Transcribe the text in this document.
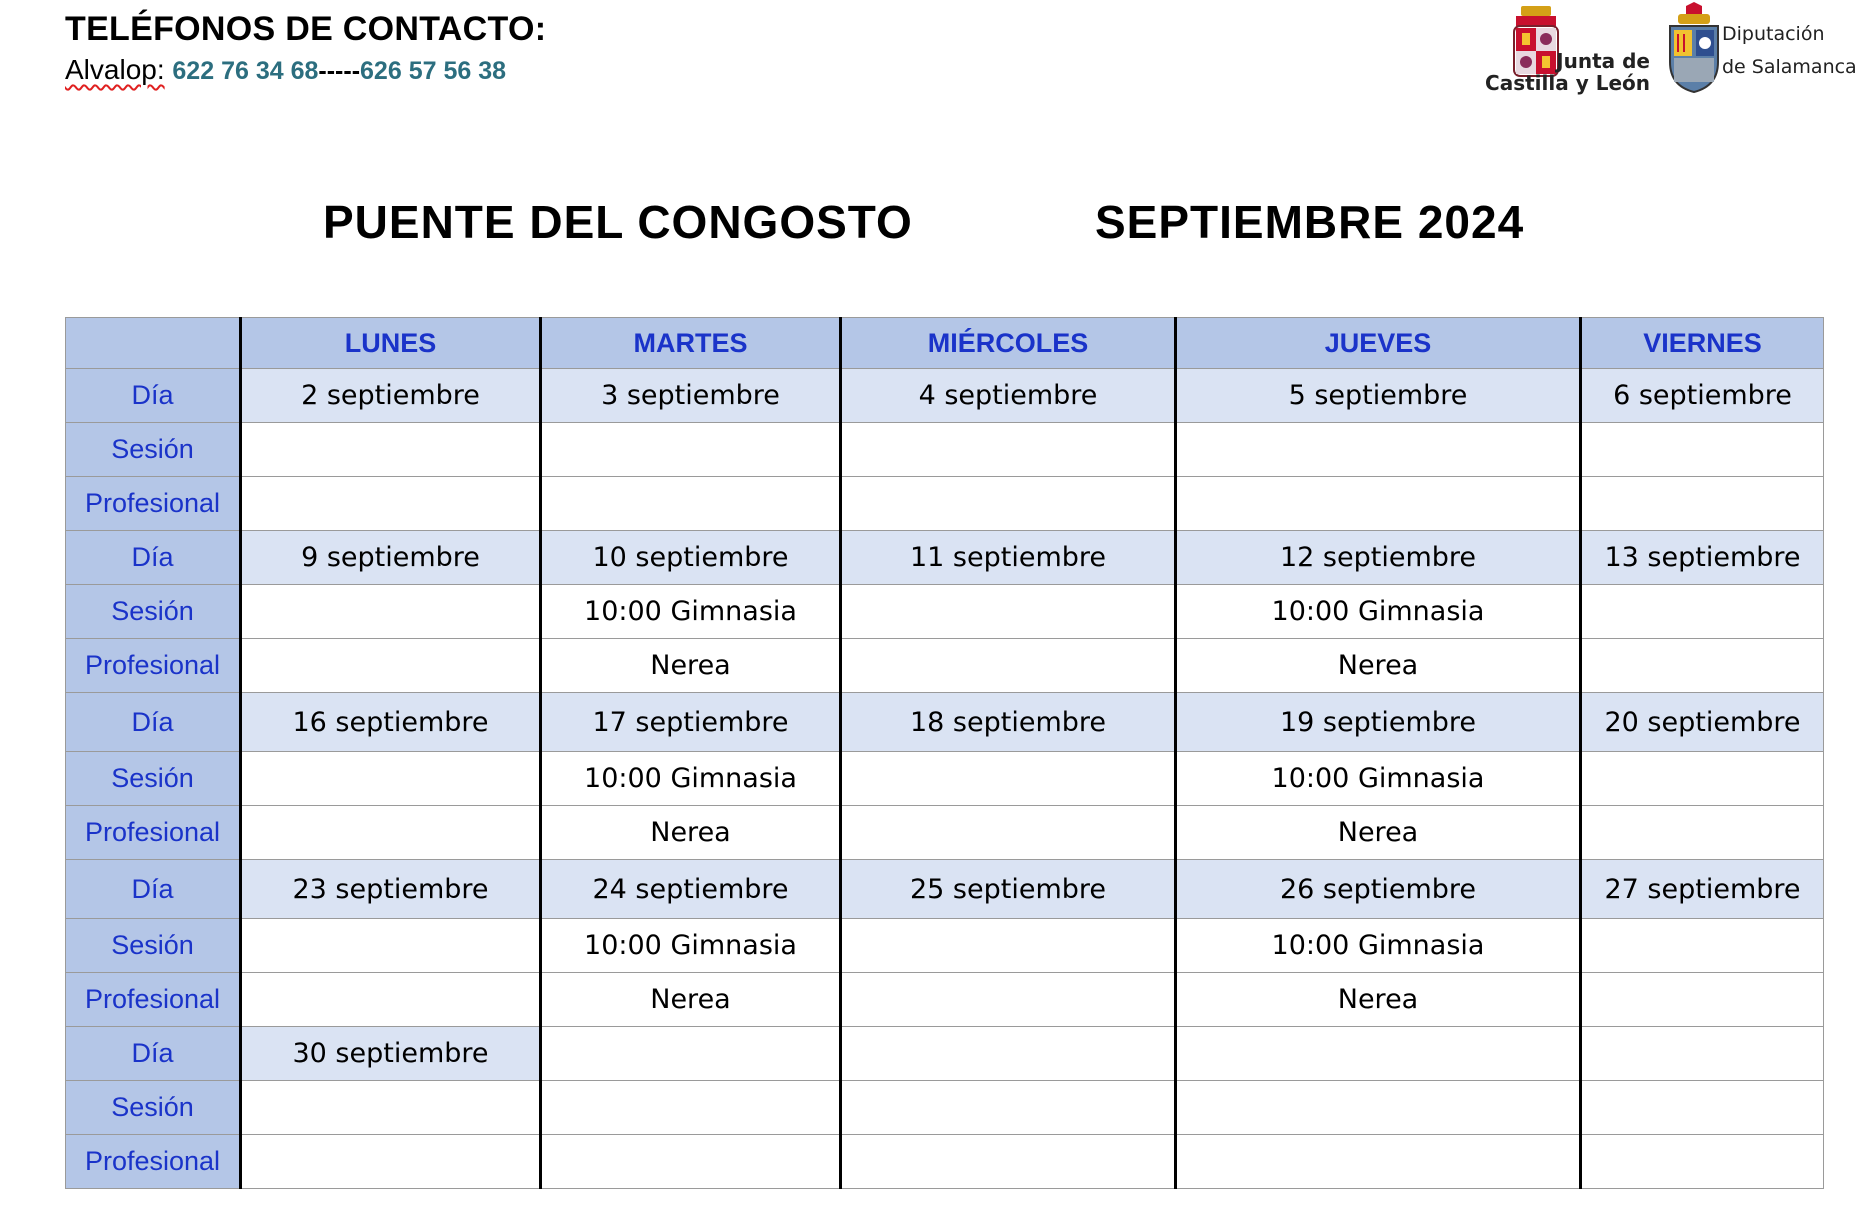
TELÉFONOS DE CONTACTO:
Alvalop: 622 76 34 68-----626 57 56 38	Junta de
Castilla y León
Diputación
de Salamanca
PUENTE DEL CONGOSTO	SEPTIEMBRE 2024
	LUNES	MARTES	MIÉRCOLES	JUEVES	VIERNES
Día	2 septiembre	3 septiembre	4 septiembre	5 septiembre	6 septiembre
Sesión					
Profesional					
Día	9 septiembre	10 septiembre	11 septiembre	12 septiembre	13 septiembre
Sesión		10:00 Gimnasia		10:00 Gimnasia	
Profesional		Nerea		Nerea	
Día	16 septiembre	17 septiembre	18 septiembre	19 septiembre	20 septiembre
Sesión		10:00 Gimnasia		10:00 Gimnasia	
Profesional		Nerea		Nerea	
Día	23 septiembre	24 septiembre	25 septiembre	26 septiembre	27 septiembre
Sesión		10:00 Gimnasia		10:00 Gimnasia	
Profesional		Nerea		Nerea	
Día	30 septiembre				
Sesión					
Profesional					
